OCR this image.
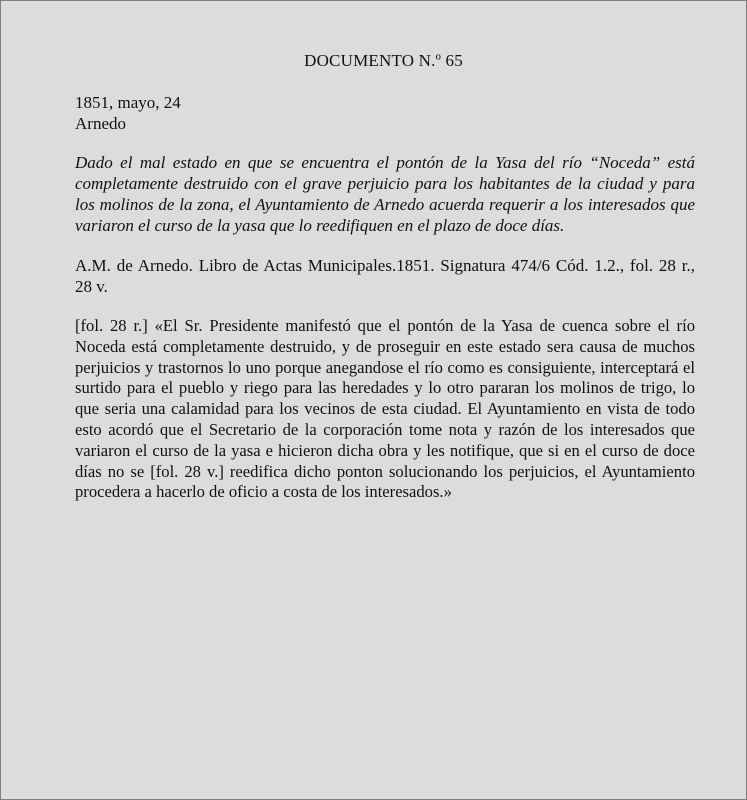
DOCUMENTO N.º 65
1851, mayo, 24
Arnedo
Dado el mal estado en que se encuentra el pontón de la Yasa del río “Noceda” está completamente destruido con el grave perjuicio para los habitantes de la ciudad y para los molinos de la zona, el Ayuntamiento de Arnedo acuerda requerir a los interesados que variaron el curso de la yasa que lo reedifiquen en el plazo de doce días.
A.M. de Arnedo. Libro de Actas Municipales.1851. Signatura 474/6 Cód. 1.2., fol. 28 r., 28 v.
[fol. 28 r.] «El Sr. Presidente manifestó que el pontón de la Yasa de cuenca sobre el río Noceda está completamente destruido, y de proseguir en este estado sera causa de muchos perjuicios y trastornos lo uno porque anegandose el río como es consiguiente, interceptará el surtido para el pueblo y riego para las heredades y lo otro pararan los molinos de trigo, lo que seria una calamidad para los vecinos de esta ciudad. El Ayuntamiento en vista de todo esto acordó que el Secretario de la corporación tome nota y razón de los interesados que variaron el curso de la yasa e hicieron dicha obra y les notifique, que si en el curso de doce días no se [fol. 28 v.] reedifica dicho ponton solucionando los perjuicios, el Ayuntamiento procedera a hacerlo de oficio a costa de los interesados.»
